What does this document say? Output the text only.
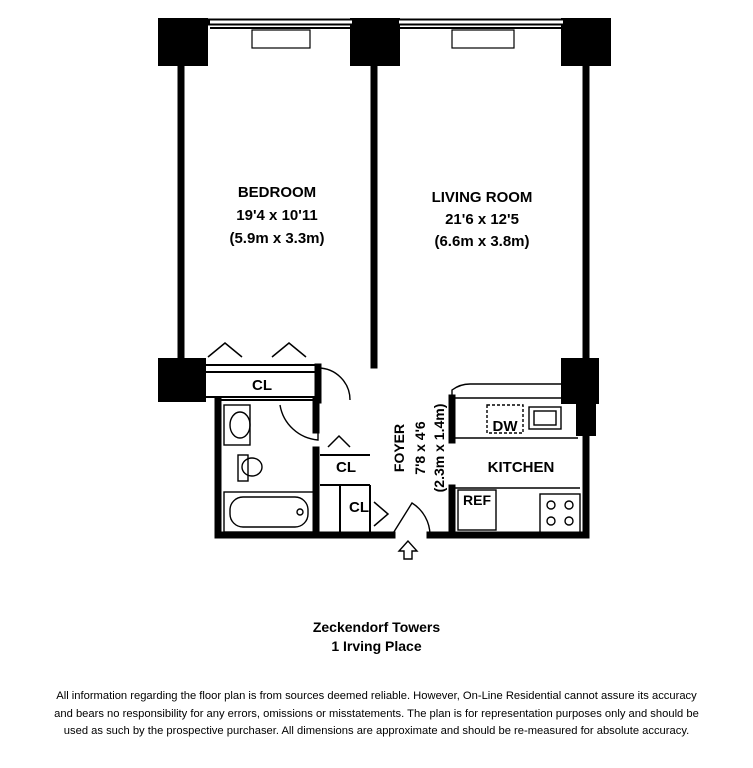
BEDROOM
19'4 x 10'11
(5.9m x 3.3m)
LIVING ROOM
21'6 x 12'5
(6.6m x 3.8m)
FOYER 7'8 x 4'6 (2.3m x 1.4m)	KITCHEN
CL
CL
CL
DW
REF
Zeckendorf Towers
1 Irving Place
All information regarding the floor plan is from sources deemed reliable. However, On-Line Residential cannot assure its accuracy
and bears no responsibility for any errors, omissions or misstatements. The plan is for representation purposes only and should be
used as such by the prospective purchaser. All dimensions are approximate and should be re-measured for absolute accuracy.
